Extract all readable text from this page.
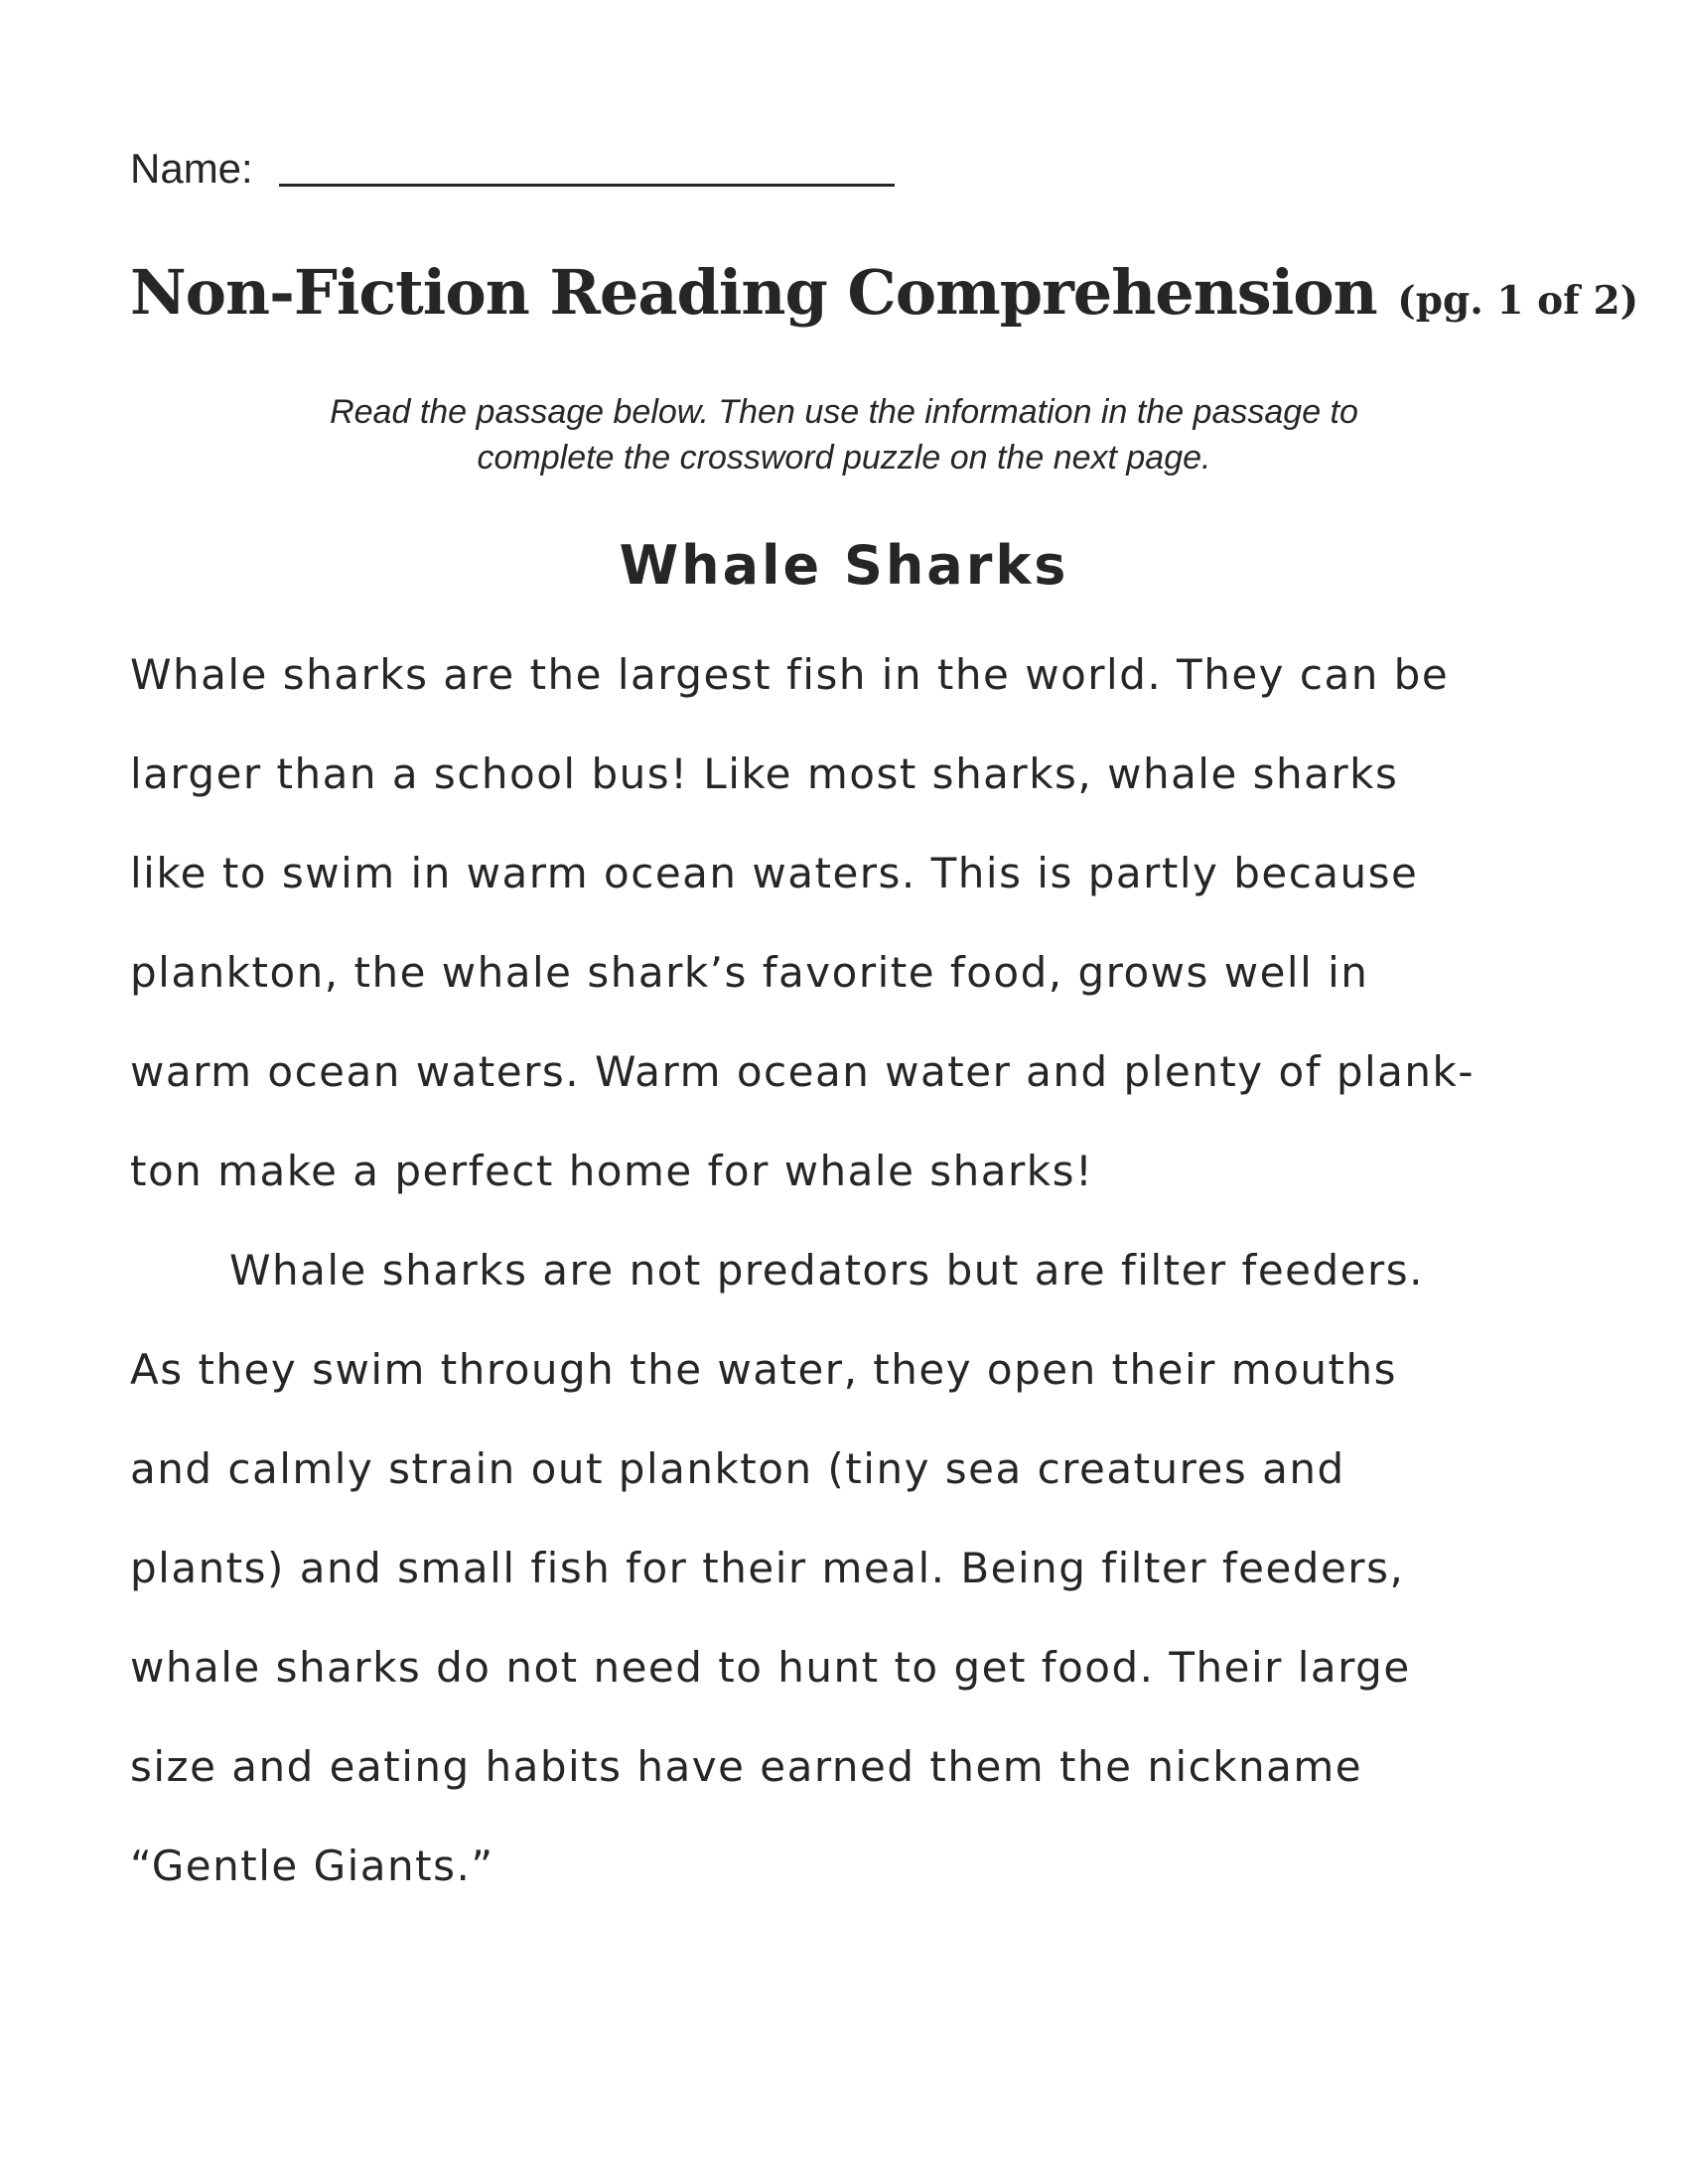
Name:
Non-Fiction Reading Comprehension (pg. 1 of 2)

Read the passage below. Then use the information in the passage to
complete the crossword puzzle on the next page.

Whale Sharks
Whale sharks are the largest fish in the world. They can be
larger than a school bus! Like most sharks, whale sharks
like to swim in warm ocean waters. This is partly because
plankton, the whale shark’s favorite food, grows well in
warm ocean waters. Warm ocean water and plenty of plank-
ton make a perfect home for whale sharks!
Whale sharks are not predators but are filter feeders.
As they swim through the water, they open their mouths
and calmly strain out plankton (tiny sea creatures and
plants) and small fish for their meal. Being filter feeders,
whale sharks do not need to hunt to get food. Their large
size and eating habits have earned them the nickname
“Gentle Giants.”
